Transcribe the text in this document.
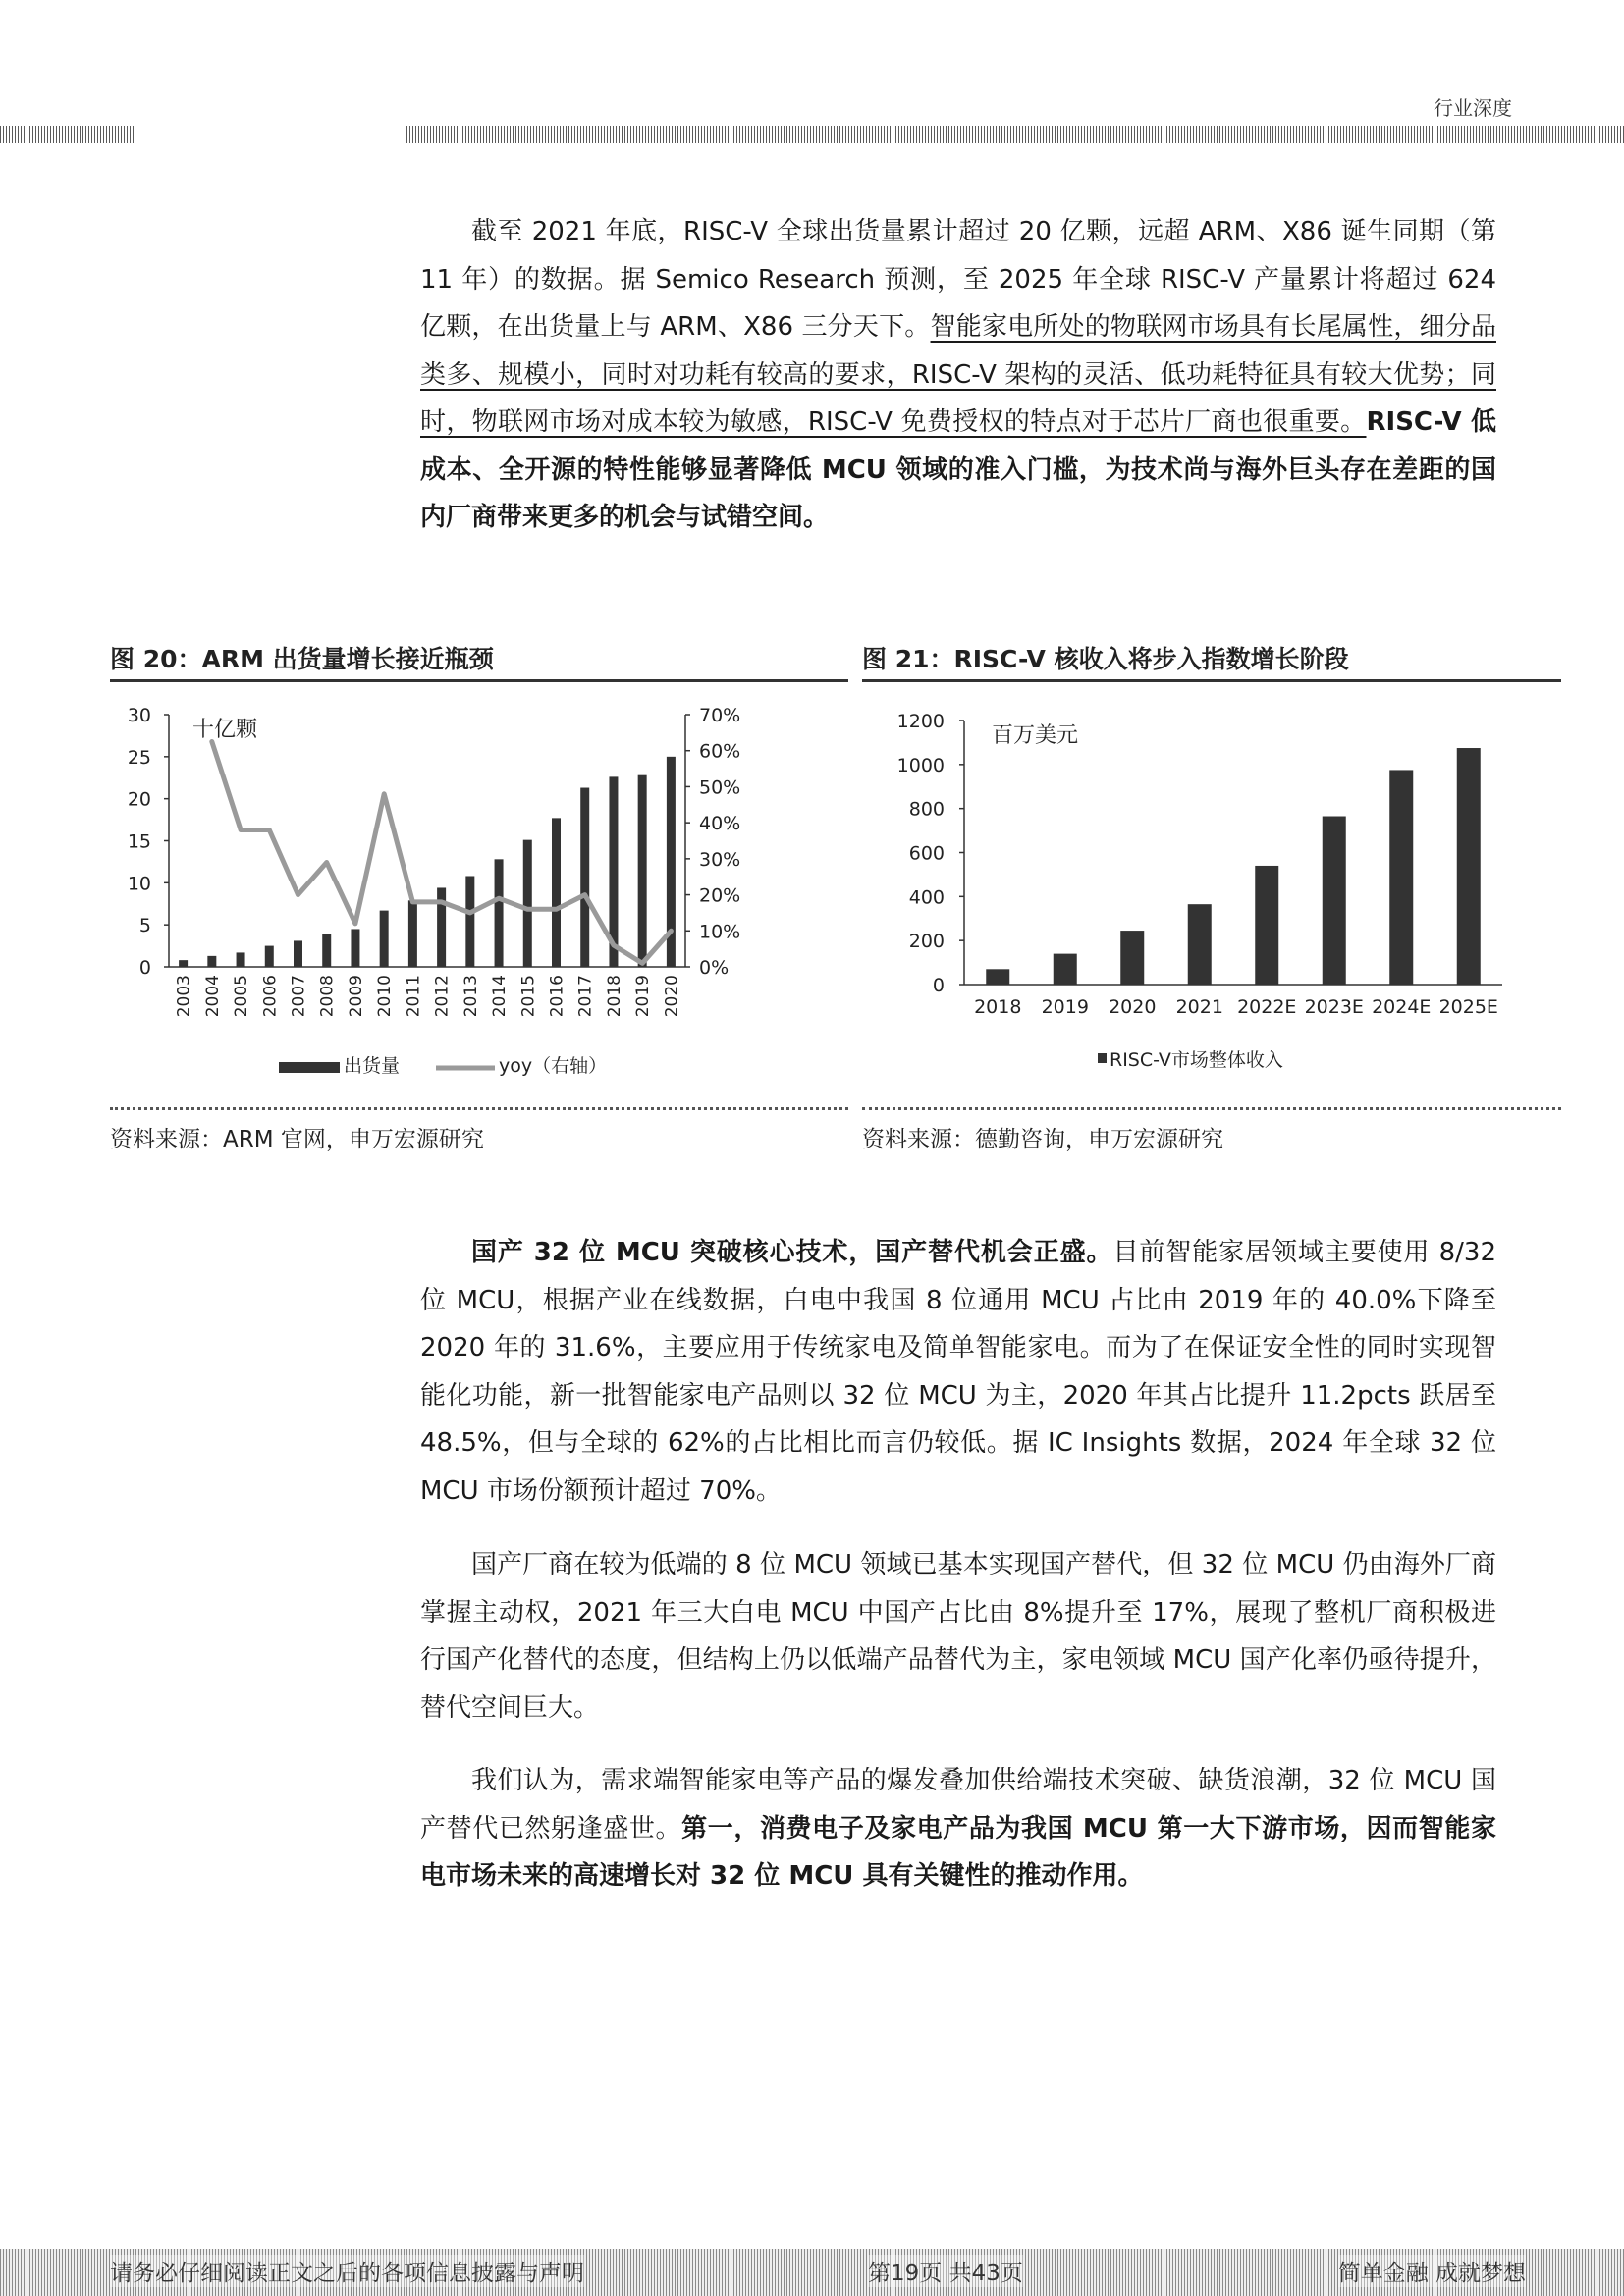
行业深度

截至 2021 年底，RISC-V 全球出货量累计超过 20 亿颗，远超 ARM、X86 诞生同期（第 11 年）的数据。据 Semico Research 预测，至 2025 年全球 RISC-V 产量累计将超过 624 亿颗，在出货量上与 ARM、X86 三分天下。智能家电所处的物联网市场具有长尾属性，细分品类多、规模小，同时对功耗有较高的要求，RISC-V 架构的灵活、低功耗特征具有较大优势；同时，物联网市场对成本较为敏感，RISC-V 免费授权的特点对于芯片厂商也很重要。RISC-V 低成本、全开源的特性能够显著降低 MCU 领域的准入门槛，为技术尚与海外巨头存在差距的国内厂商带来更多的机会与试错空间。

图 20：ARM 出货量增长接近瓶颈	图 21：RISC-V 核收入将步入指数增长阶段
0
5
10
15
20
25
30
0%
10%
20%
30%
40%
50%
60%
70%
十亿颗
2003 2004 2005 2006 2007 2008 2009 2010 2011 2012 2013 2014 2015 2016 2017 2018 2019 2020
出货量	yoy（右轴）
0
200
400
600
800
1000
1200
百万美元
2018 2019 2020 2021 2022E 2023E 2024E 2025E
RISC-V市场整体收入
资料来源：ARM 官网，申万宏源研究	资料来源：德勤咨询，申万宏源研究

国产 32 位 MCU 突破核心技术，国产替代机会正盛。目前智能家居领域主要使用 8/32 位 MCU，根据产业在线数据，白电中我国 8 位通用 MCU 占比由 2019 年的 40.0%下降至 2020 年的 31.6%，主要应用于传统家电及简单智能家电。而为了在保证安全性的同时实现智能化功能，新一批智能家电产品则以 32 位 MCU 为主，2020 年其占比提升 11.2pcts 跃居至 48.5%，但与全球的 62%的占比相比而言仍较低。据 IC Insights 数据，2024 年全球 32 位 MCU 市场份额预计超过 70%。

国产厂商在较为低端的 8 位 MCU 领域已基本实现国产替代，但 32 位 MCU 仍由海外厂商掌握主动权，2021 年三大白电 MCU 中国产占比由 8%提升至 17%，展现了整机厂商积极进行国产化替代的态度，但结构上仍以低端产品替代为主，家电领域 MCU 国产化率仍亟待提升，替代空间巨大。

我们认为，需求端智能家电等产品的爆发叠加供给端技术突破、缺货浪潮，32 位 MCU 国产替代已然躬逢盛世。第一，消费电子及家电产品为我国 MCU 第一大下游市场，因而智能家电市场未来的高速增长对 32 位 MCU 具有关键性的推动作用。

请务必仔细阅读正文之后的各项信息披露与声明	第19页 共43页	简单金融 成就梦想
